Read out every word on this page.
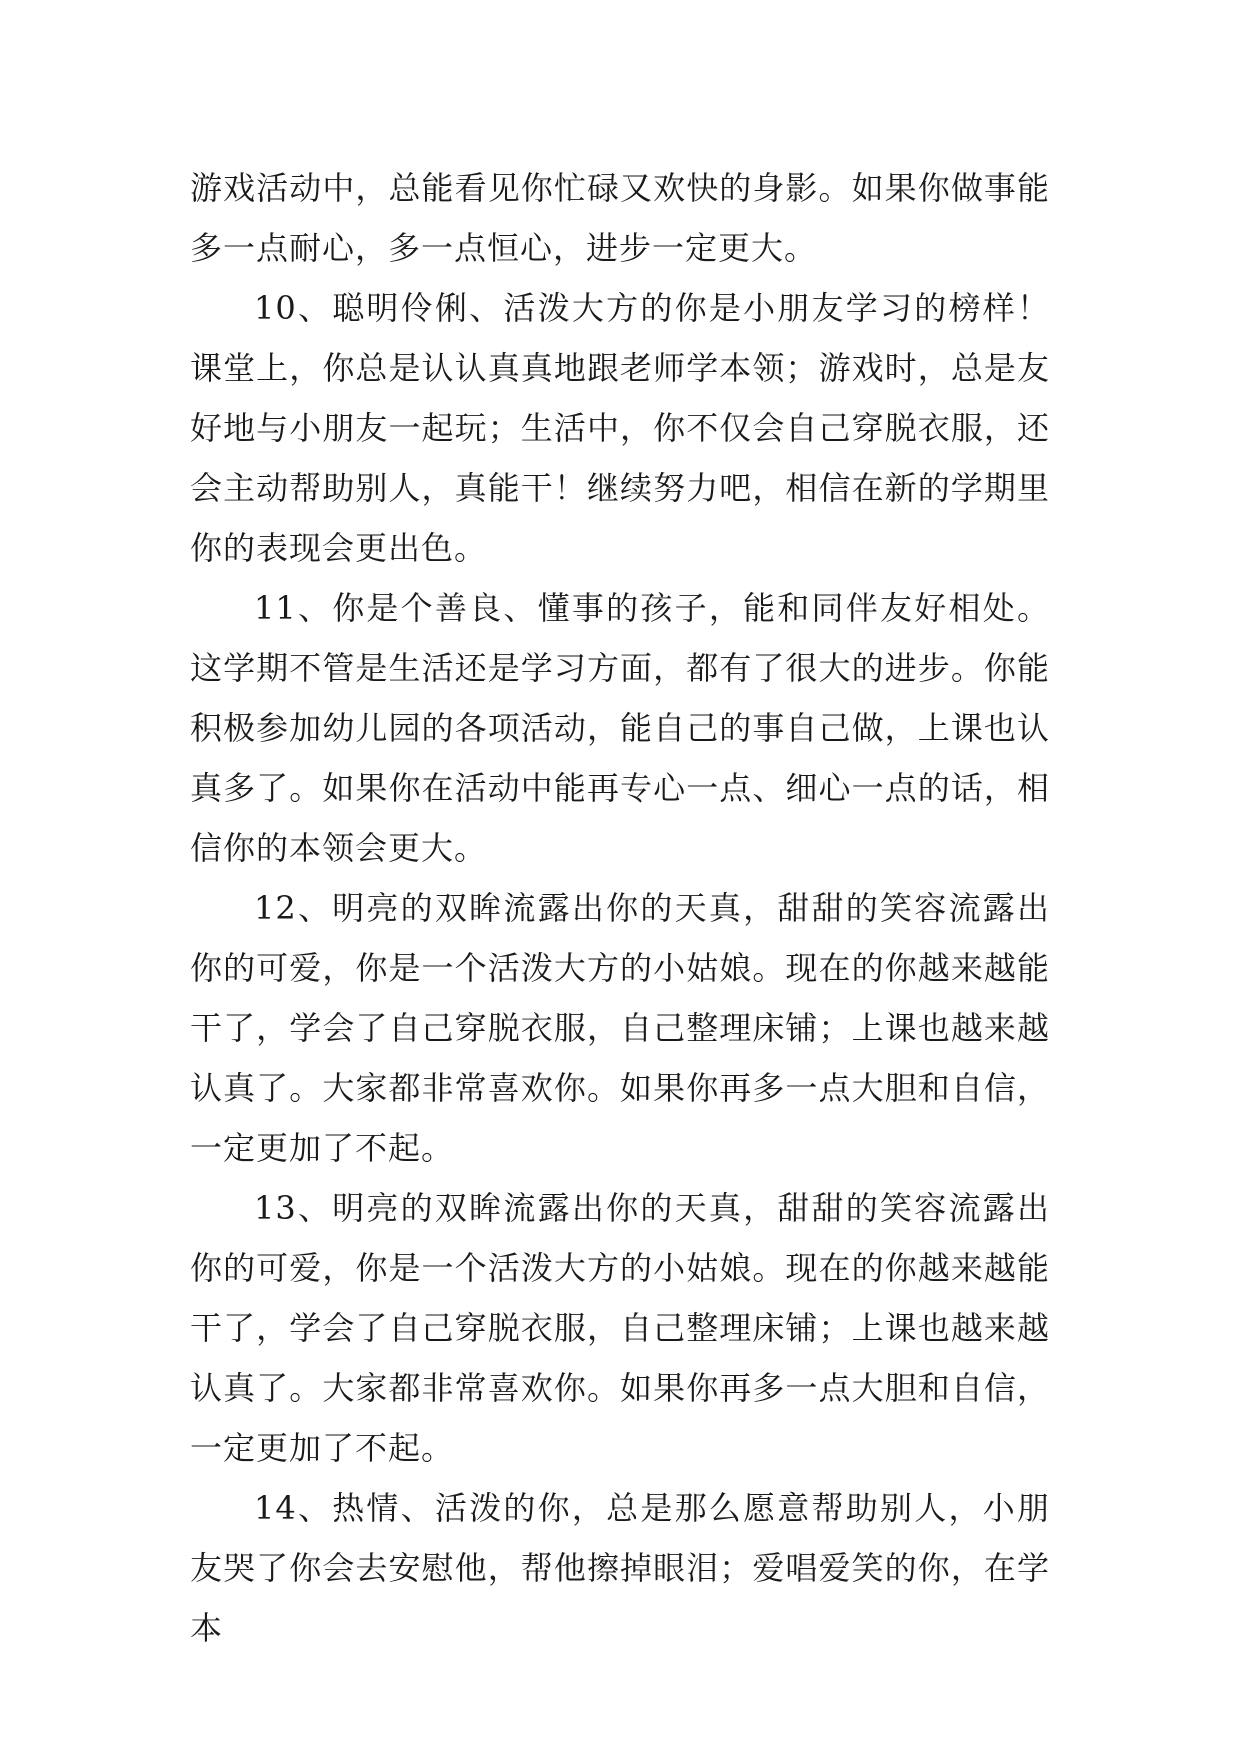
游戏活动中，总能看见你忙碌又欢快的身影。如果你做事能多一点耐心，多一点恒心，进步一定更大。

10、聪明伶俐、活泼大方的你是小朋友学习的榜样！课堂上，你总是认认真真地跟老师学本领；游戏时，总是友好地与小朋友一起玩；生活中，你不仅会自己穿脱衣服，还会主动帮助别人，真能干！继续努力吧，相信在新的学期里你的表现会更出色。

11、你是个善良、懂事的孩子，能和同伴友好相处。这学期不管是生活还是学习方面，都有了很大的进步。你能积极参加幼儿园的各项活动，能自己的事自己做，上课也认真多了。如果你在活动中能再专心一点、细心一点的话，相信你的本领会更大。

12、明亮的双眸流露出你的天真，甜甜的笑容流露出你的可爱，你是一个活泼大方的小姑娘。现在的你越来越能干了，学会了自己穿脱衣服，自己整理床铺；上课也越来越认真了。大家都非常喜欢你。如果你再多一点大胆和自信，一定更加了不起。

13、明亮的双眸流露出你的天真，甜甜的笑容流露出你的可爱，你是一个活泼大方的小姑娘。现在的你越来越能干了，学会了自己穿脱衣服，自己整理床铺；上课也越来越认真了。大家都非常喜欢你。如果你再多一点大胆和自信，一定更加了不起。

14、热情、活泼的你，总是那么愿意帮助别人，小朋友哭了你会去安慰他，帮他擦掉眼泪；爱唱爱笑的你，在学本
